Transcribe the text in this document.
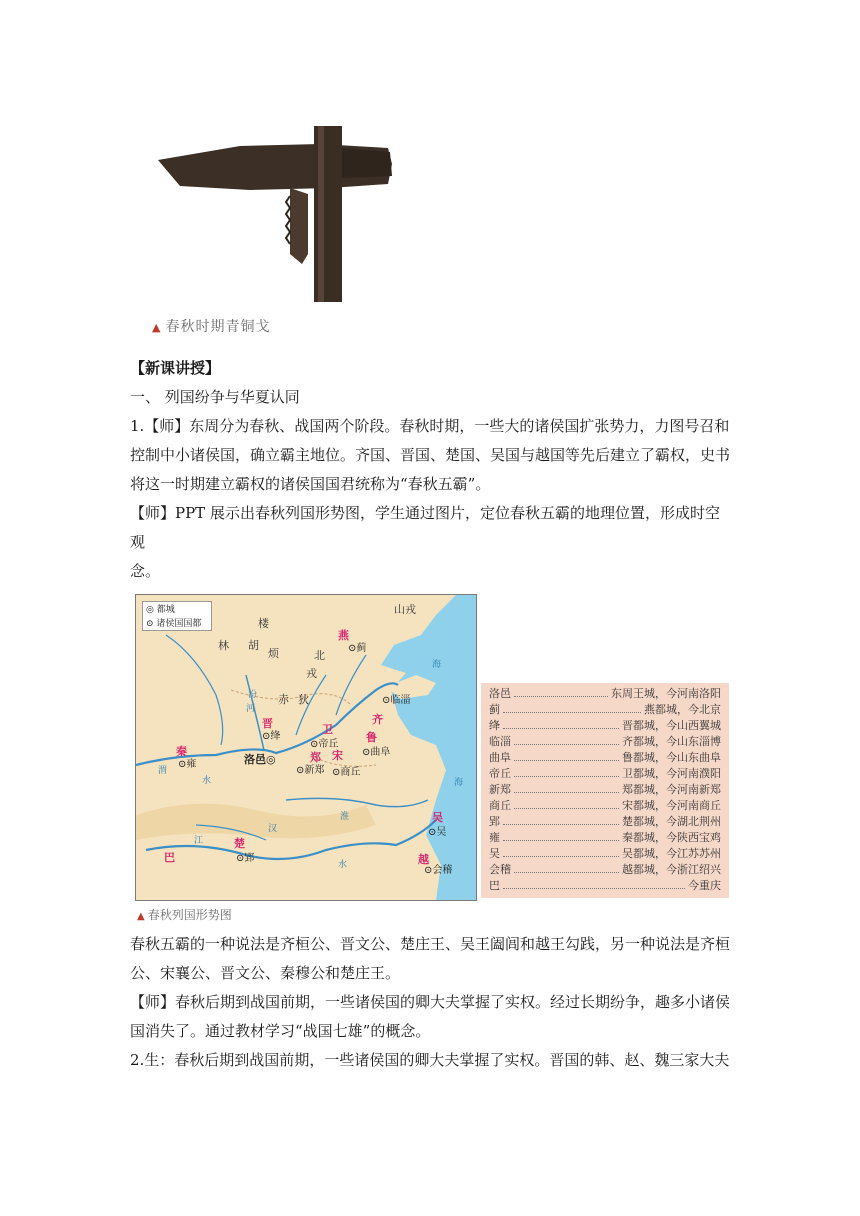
▲ 春秋时期青铜戈

【新课讲授】

一、 列国纷争与华夏认同

1.【师】东周分为春秋、战国两个阶段。春秋时期，一些大的诸侯国扩张势力，力图号召和

控制中小诸侯国，确立霸主地位。齐国、晋国、楚国、吴国与越国等先后建立了霸权，史书

将这一时期建立霸权的诸侯国国君统称为“春秋五霸”。

【师】PPT 展示出春秋列国形势图，学生通过图片，定位春秋五霸的地理位置，形成时空观

念。

◎ 都城
⊙ 诸侯国国都
山戎
楼
林 胡
烦	北
戎
赤 狄
燕
晋	齐
鲁
卫
宋
郑
秦
楚
吴
越
巴
⊙蓟
⊙临淄
⊙绛
⊙帝丘
⊙曲阜
⊙雍	洛邑◎
⊙新郑 ⊙商丘
⊙吴
⊙郢
⊙会稽
渭
水
汾
河
淮
江
汉
水
海
海
▲ 春秋列国形势图
洛邑	东周王城，今河南洛阳
蓟	燕都城，今北京
绛	晋都城，今山西翼城
临淄	齐都城，今山东淄博
曲阜	鲁都城，今山东曲阜
帝丘	卫都城，今河南濮阳
新郑	郑都城，今河南新郑
商丘	宋都城，今河南商丘
郢	楚都城，今湖北荆州
雍	秦都城，今陕西宝鸡
吴	吴都城，今江苏苏州
会稽	越都城，今浙江绍兴
巴	今重庆

春秋五霸的一种说法是齐桓公、晋文公、楚庄王、吴王阖闾和越王勾践，另一种说法是齐桓

公、宋襄公、晋文公、秦穆公和楚庄王。

【师】春秋后期到战国前期，一些诸侯国的卿大夫掌握了实权。经过长期纷争，趣多小诸侯

国消失了。通过教材学习“战国七雄”的概念。

2.生：春秋后期到战国前期，一些诸侯国的卿大夫掌握了实权。晋国的韩、赵、魏三家大夫
